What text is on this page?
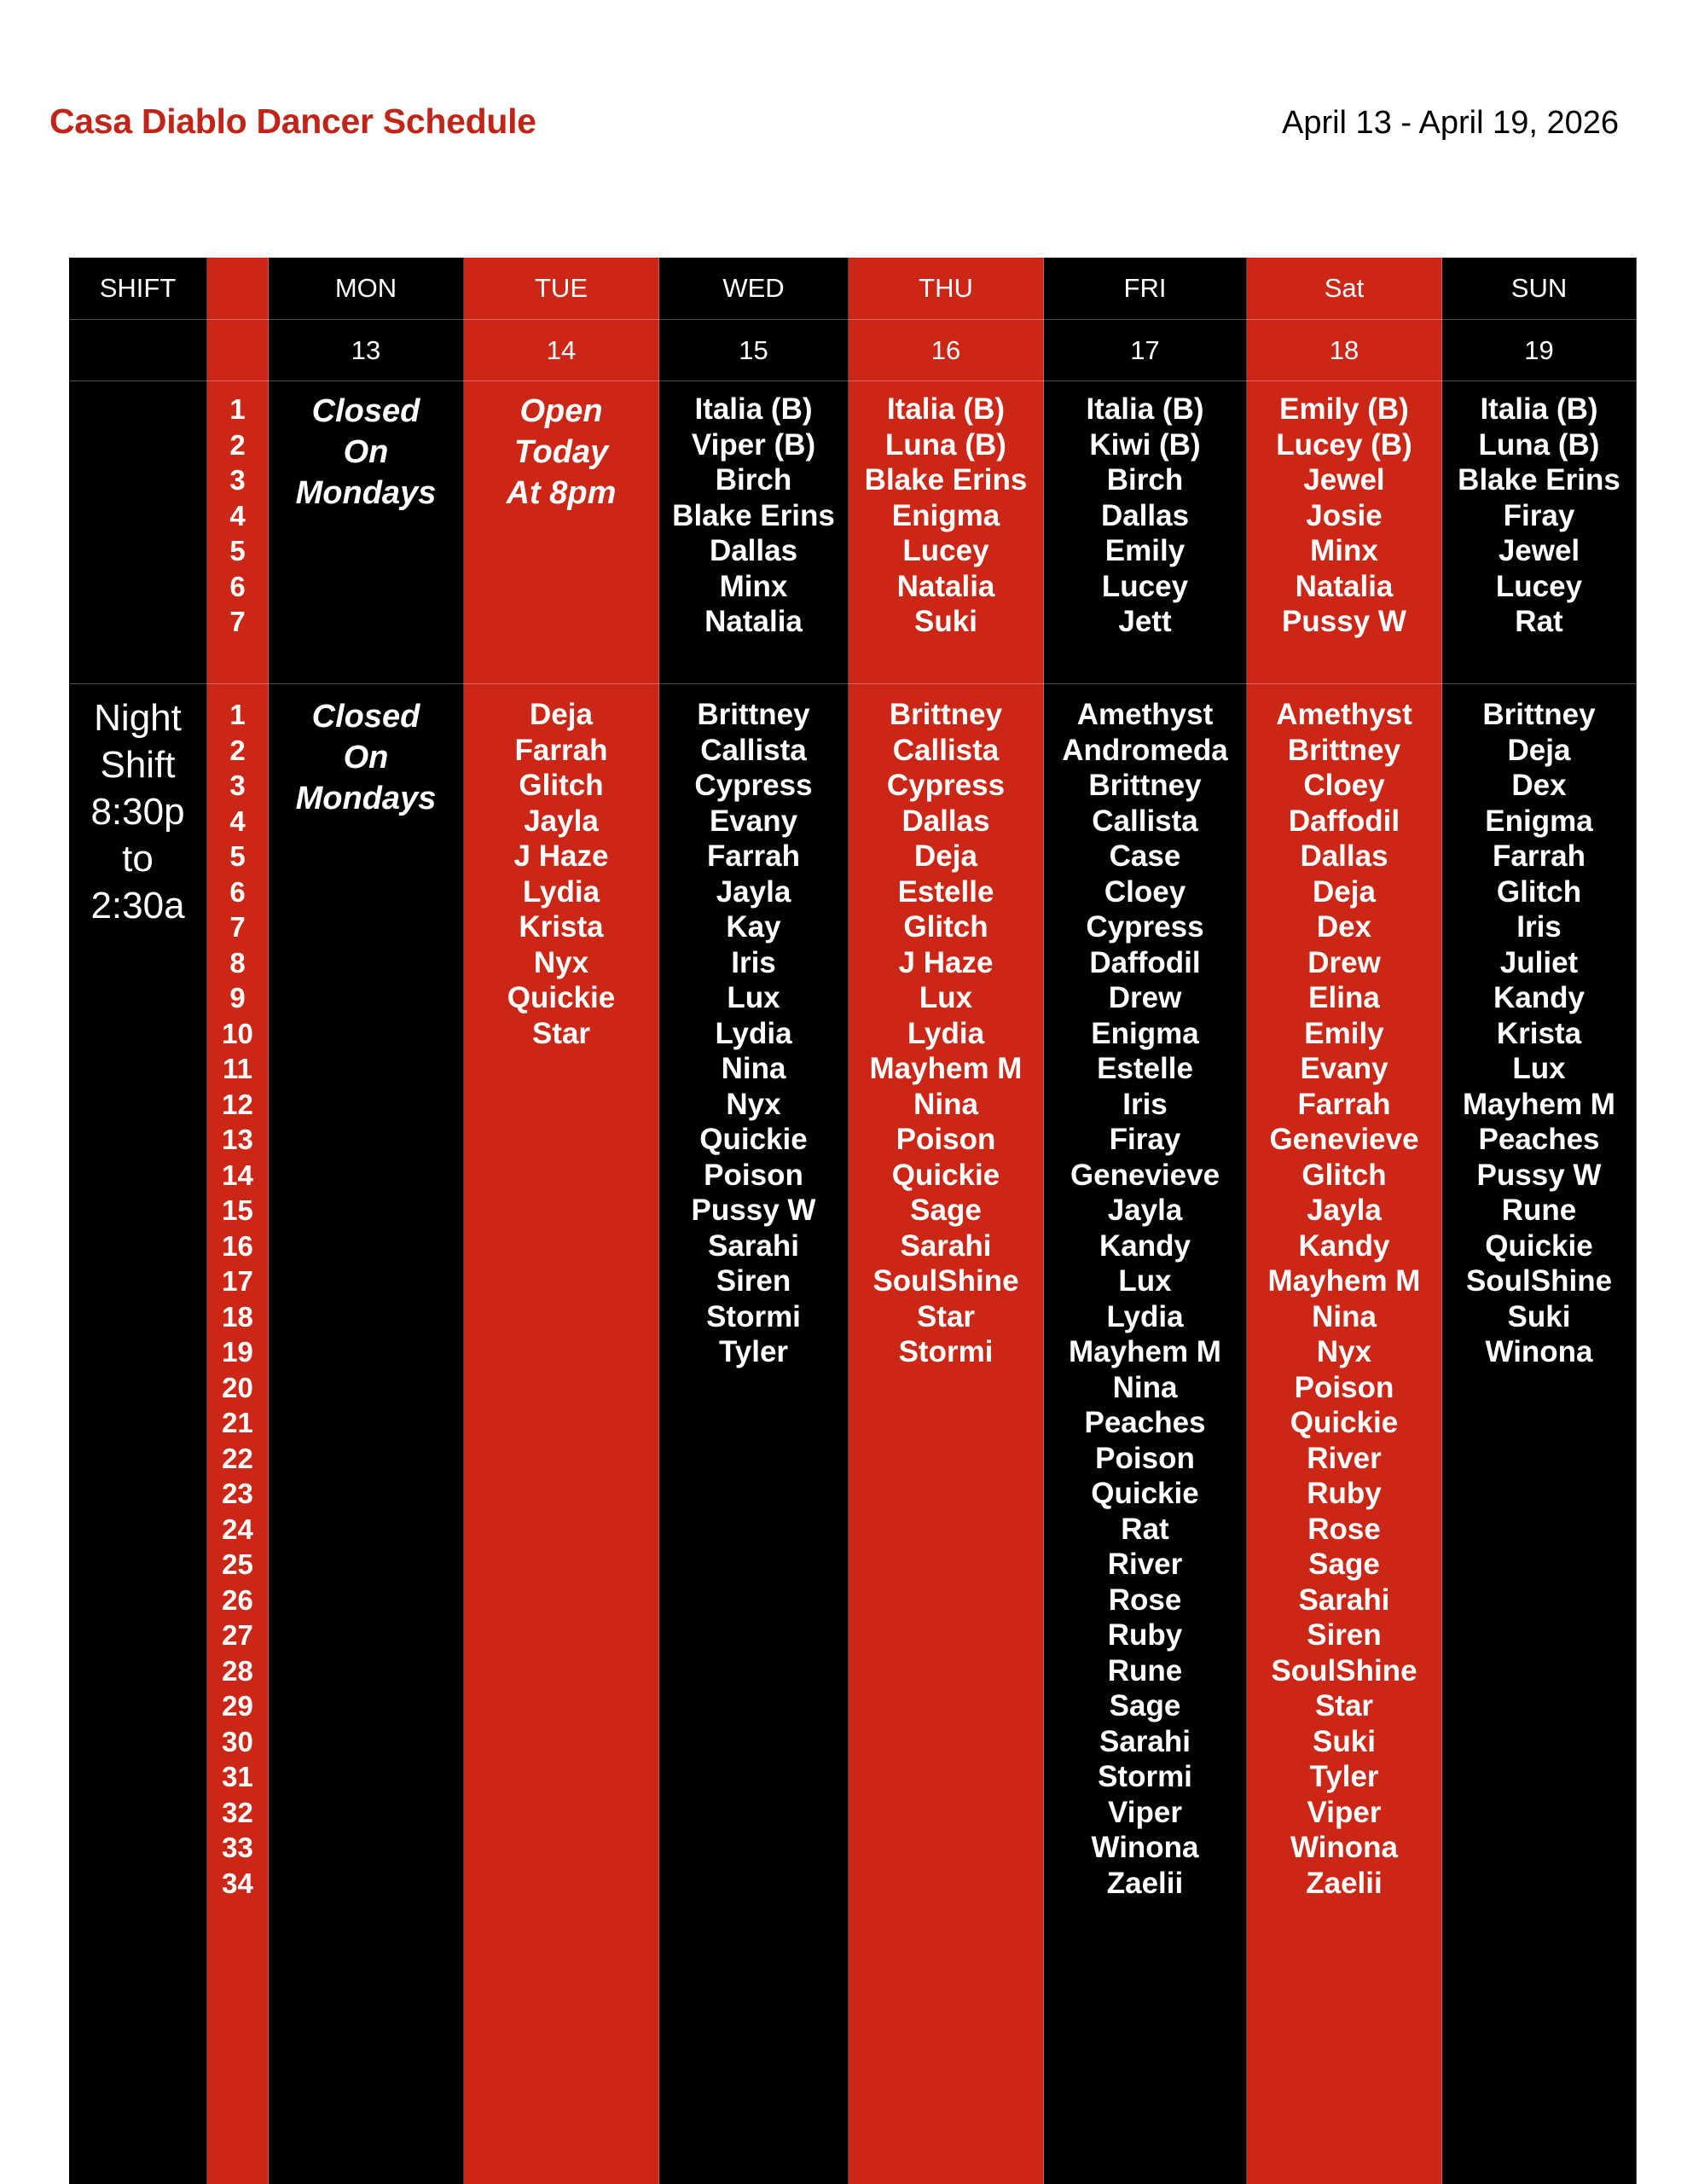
Casa Diablo Dancer Schedule	April 13 - April 19, 2026
SHIFT
Night
Shift
8:30p
to
2:30a
1
2
3
4
5
6
7
1
2
3
4
5
6
7
8
9
10
11
12
13
14
15
16
17
18
19
20
21
22
23
24
25
26
27
28
29
30
31
32
33
34
MON
13
Closed
On
Mondays
Closed
On
Mondays
TUE
14
Open
Today
At 8pm
Deja
Farrah
Glitch
Jayla
J Haze
Lydia
Krista
Nyx
Quickie
Star
WED
15
Italia (B)
Viper (B)
Birch
Blake Erins
Dallas
Minx
Natalia
Brittney
Callista
Cypress
Evany
Farrah
Jayla
Kay
Iris
Lux
Lydia
Nina
Nyx
Quickie
Poison
Pussy W
Sarahi
Siren
Stormi
Tyler
THU
16
Italia (B)
Luna (B)
Blake Erins
Enigma
Lucey
Natalia
Suki
Brittney
Callista
Cypress
Dallas
Deja
Estelle
Glitch
J Haze
Lux
Lydia
Mayhem M
Nina
Poison
Quickie
Sage
Sarahi
SoulShine
Star
Stormi
FRI
17
Italia (B)
Kiwi (B)
Birch
Dallas
Emily
Lucey
Jett
Amethyst
Andromeda
Brittney
Callista
Case
Cloey
Cypress
Daffodil
Drew
Enigma
Estelle
Iris
Firay
Genevieve
Jayla
Kandy
Lux
Lydia
Mayhem M
Nina
Peaches
Poison
Quickie
Rat
River
Rose
Ruby
Rune
Sage
Sarahi
Stormi
Viper
Winona
Zaelii
Sat
18
Emily (B)
Lucey (B)
Jewel
Josie
Minx
Natalia
Pussy W
Amethyst
Brittney
Cloey
Daffodil
Dallas
Deja
Dex
Drew
Elina
Emily
Evany
Farrah
Genevieve
Glitch
Jayla
Kandy
Mayhem M
Nina
Nyx
Poison
Quickie
River
Ruby
Rose
Sage
Sarahi
Siren
SoulShine
Star
Suki
Tyler
Viper
Winona
Zaelii
SUN
19
Italia (B)
Luna (B)
Blake Erins
Firay
Jewel
Lucey
Rat
Brittney
Deja
Dex
Enigma
Farrah
Glitch
Iris
Juliet
Kandy
Krista
Lux
Mayhem M
Peaches
Pussy W
Rune
Quickie
SoulShine
Suki
Winona
